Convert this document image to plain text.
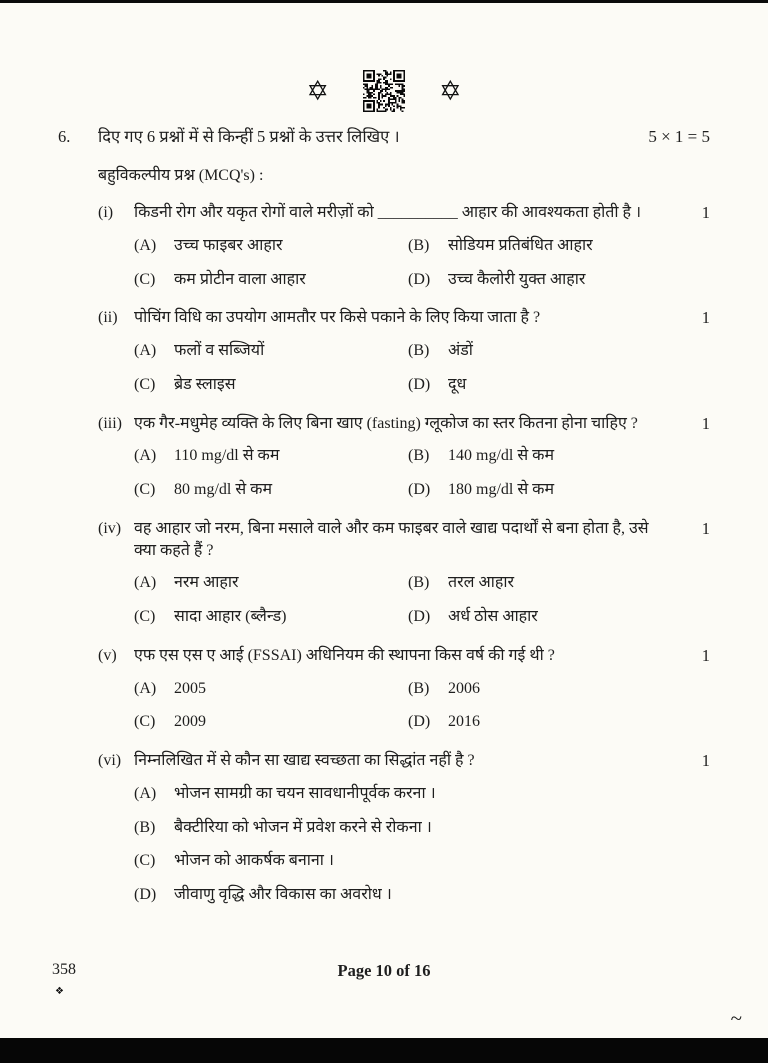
✡	✡
6.	दिए गए 6 प्रश्नों में से किन्हीं 5 प्रश्नों के उत्तर लिखिए ।	5 × 1 = 5
बहुविकल्पीय प्रश्न (MCQ's) :
(i)	किडनी रोग और यकृत रोगों वाले मरीज़ों को __________ आहार की आवश्यकता होती है ।	1
(A)	उच्च फाइबर आहार	(B)	सोडियम प्रतिबंधित आहार
(C)	कम प्रोटीन वाला आहार	(D)	उच्च कैलोरी युक्त आहार
(ii)	पोचिंग विधि का उपयोग आमतौर पर किसे पकाने के लिए किया जाता है ?	1
(A)	फलों व सब्जियों	(B)	अंडों
(C)	ब्रेड स्लाइस	(D)	दूध
(iii) एक गैर-मधुमेह व्यक्ति के लिए बिना खाए (fasting) ग्लूकोज का स्तर कितना होना चाहिए ?	1
(A)	110 mg/dl से कम	(B)	140 mg/dl से कम
(C)	80 mg/dl से कम	(D)	180 mg/dl से कम
(iv) वह आहार जो नरम, बिना मसाले वाले और कम फाइबर वाले खाद्य पदार्थों से बना होता है, उसे क्या कहते हैं ?
1
(A)	नरम आहार	(B)	तरल आहार
(C)	सादा आहार (ब्लैन्ड)	(D)	अर्ध ठोस आहार
(v)	एफ एस एस ए आई (FSSAI) अधिनियम की स्थापना किस वर्ष की गई थी ?	1
(A)	2005	(B)	2006
(C)	2009	(D)	2016
(vi) निम्नलिखित में से कौन सा खाद्य स्वच्छता का सिद्धांत नहीं है ?	1
(A)	भोजन सामग्री का चयन सावधानीपूर्वक करना ।
(B)	बैक्टीरिया को भोजन में प्रवेश करने से रोकना ।
(C)	भोजन को आकर्षक बनाना ।
(D)	जीवाणु वृद्धि और विकास का अवरोध ।
358	Page 10 of 16
❖
~
